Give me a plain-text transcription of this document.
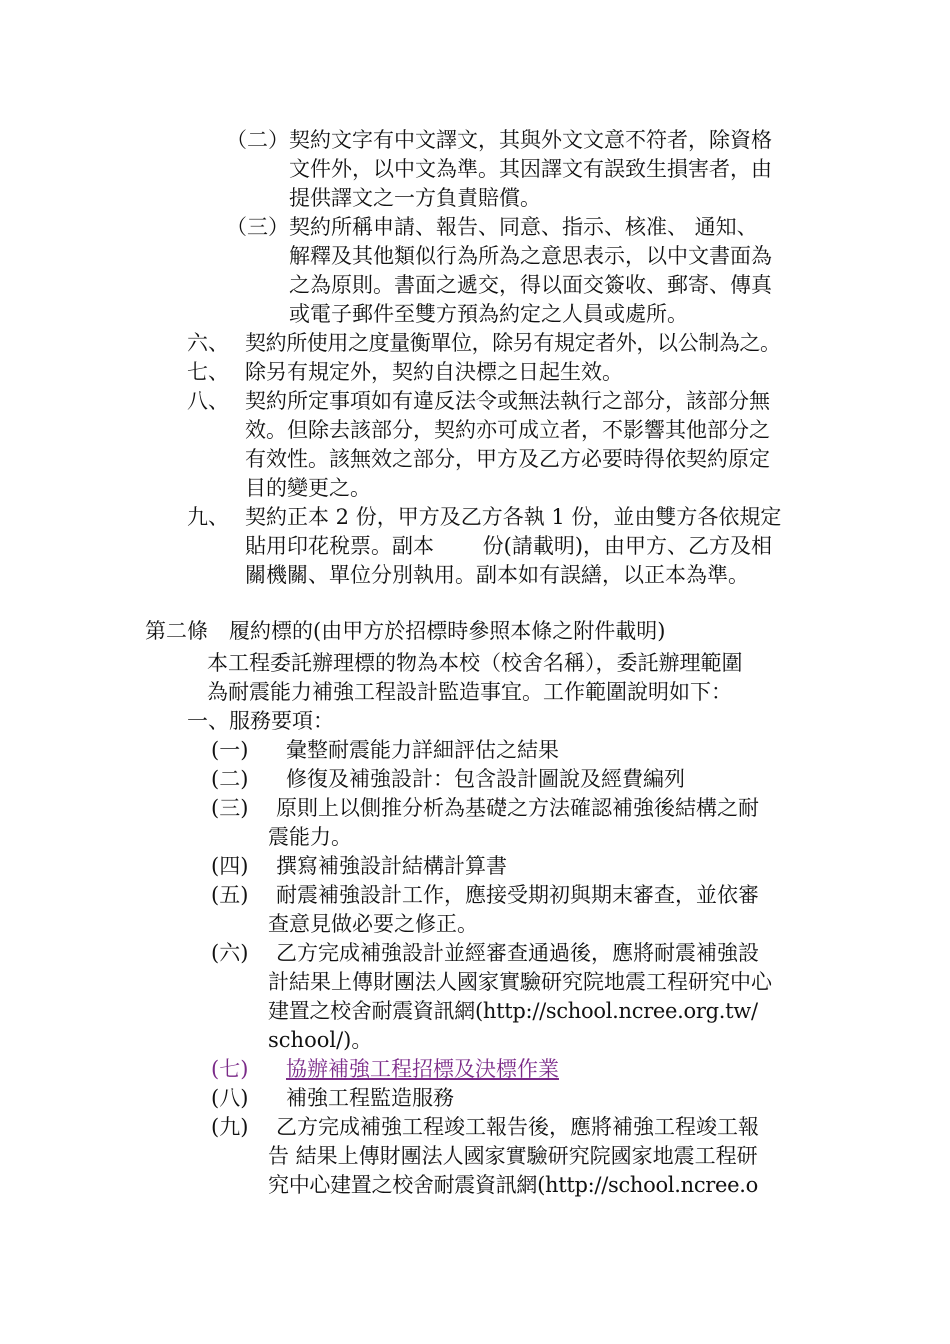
（二） 契約文字有中文譯文，其與外文文意不符者，除資格
文件外，以中文為準。其因譯文有誤致生損害者，由
提供譯文之一方負責賠償。
（三） 契約所稱申請、報告、同意、指示、核准、 通知、
解釋及其他類似行為所為之意思表示，以中文書面為
之為原則。書面之遞交，得以面交簽收、郵寄、傳真
或電子郵件至雙方預為約定之人員或處所。
六、 契約所使用之度量衡單位，除另有規定者外，以公制為之。
七、 除另有規定外，契約自決標之日起生效。
八、 契約所定事項如有違反法令或無法執行之部分，該部分無
效。但除去該部分，契約亦可成立者，不影響其他部分之
有效性。該無效之部分，甲方及乙方必要時得依契約原定
目的變更之。
九、 契約正本 2 份，甲方及乙方各執 1 份，並由雙方各依規定
貼用印花稅票。副本　　 份(請載明)，由甲方、乙方及相
關機關、單位分別執用。副本如有誤繕，以正本為準。
第二條　履約標的(由甲方於招標時參照本條之附件載明)
本工程委託辦理標的物為本校（校舍名稱），委託辦理範圍
為耐震能力補強工程設計監造事宜。工作範圍說明如下：
一、服務要項：
(一) 彙整耐震能力詳細評估之結果
(二) 修復及補強設計：包含設計圖說及經費編列
(三) 原則上以側推分析為基礎之方法確認補強後結構之耐
震能力。
(四) 撰寫補強設計結構計算書
(五) 耐震補強設計工作，應接受期初與期末審查，並依審
查意見做必要之修正。
(六) 乙方完成補強設計並經審查通過後，應將耐震補強設
計結果上傳財團法人國家實驗研究院地震工程研究中心
建置之校舍耐震資訊網(http://school.ncree.org.tw/
school/)。
(七) 協辦補強工程招標及決標作業
(八) 補強工程監造服務
(九) 乙方完成補強工程竣工報告後，應將補強工程竣工報
告 結果上傳財團法人國家實驗研究院國家地震工程研
究中心建置之校舍耐震資訊網(http://school.ncree.o
